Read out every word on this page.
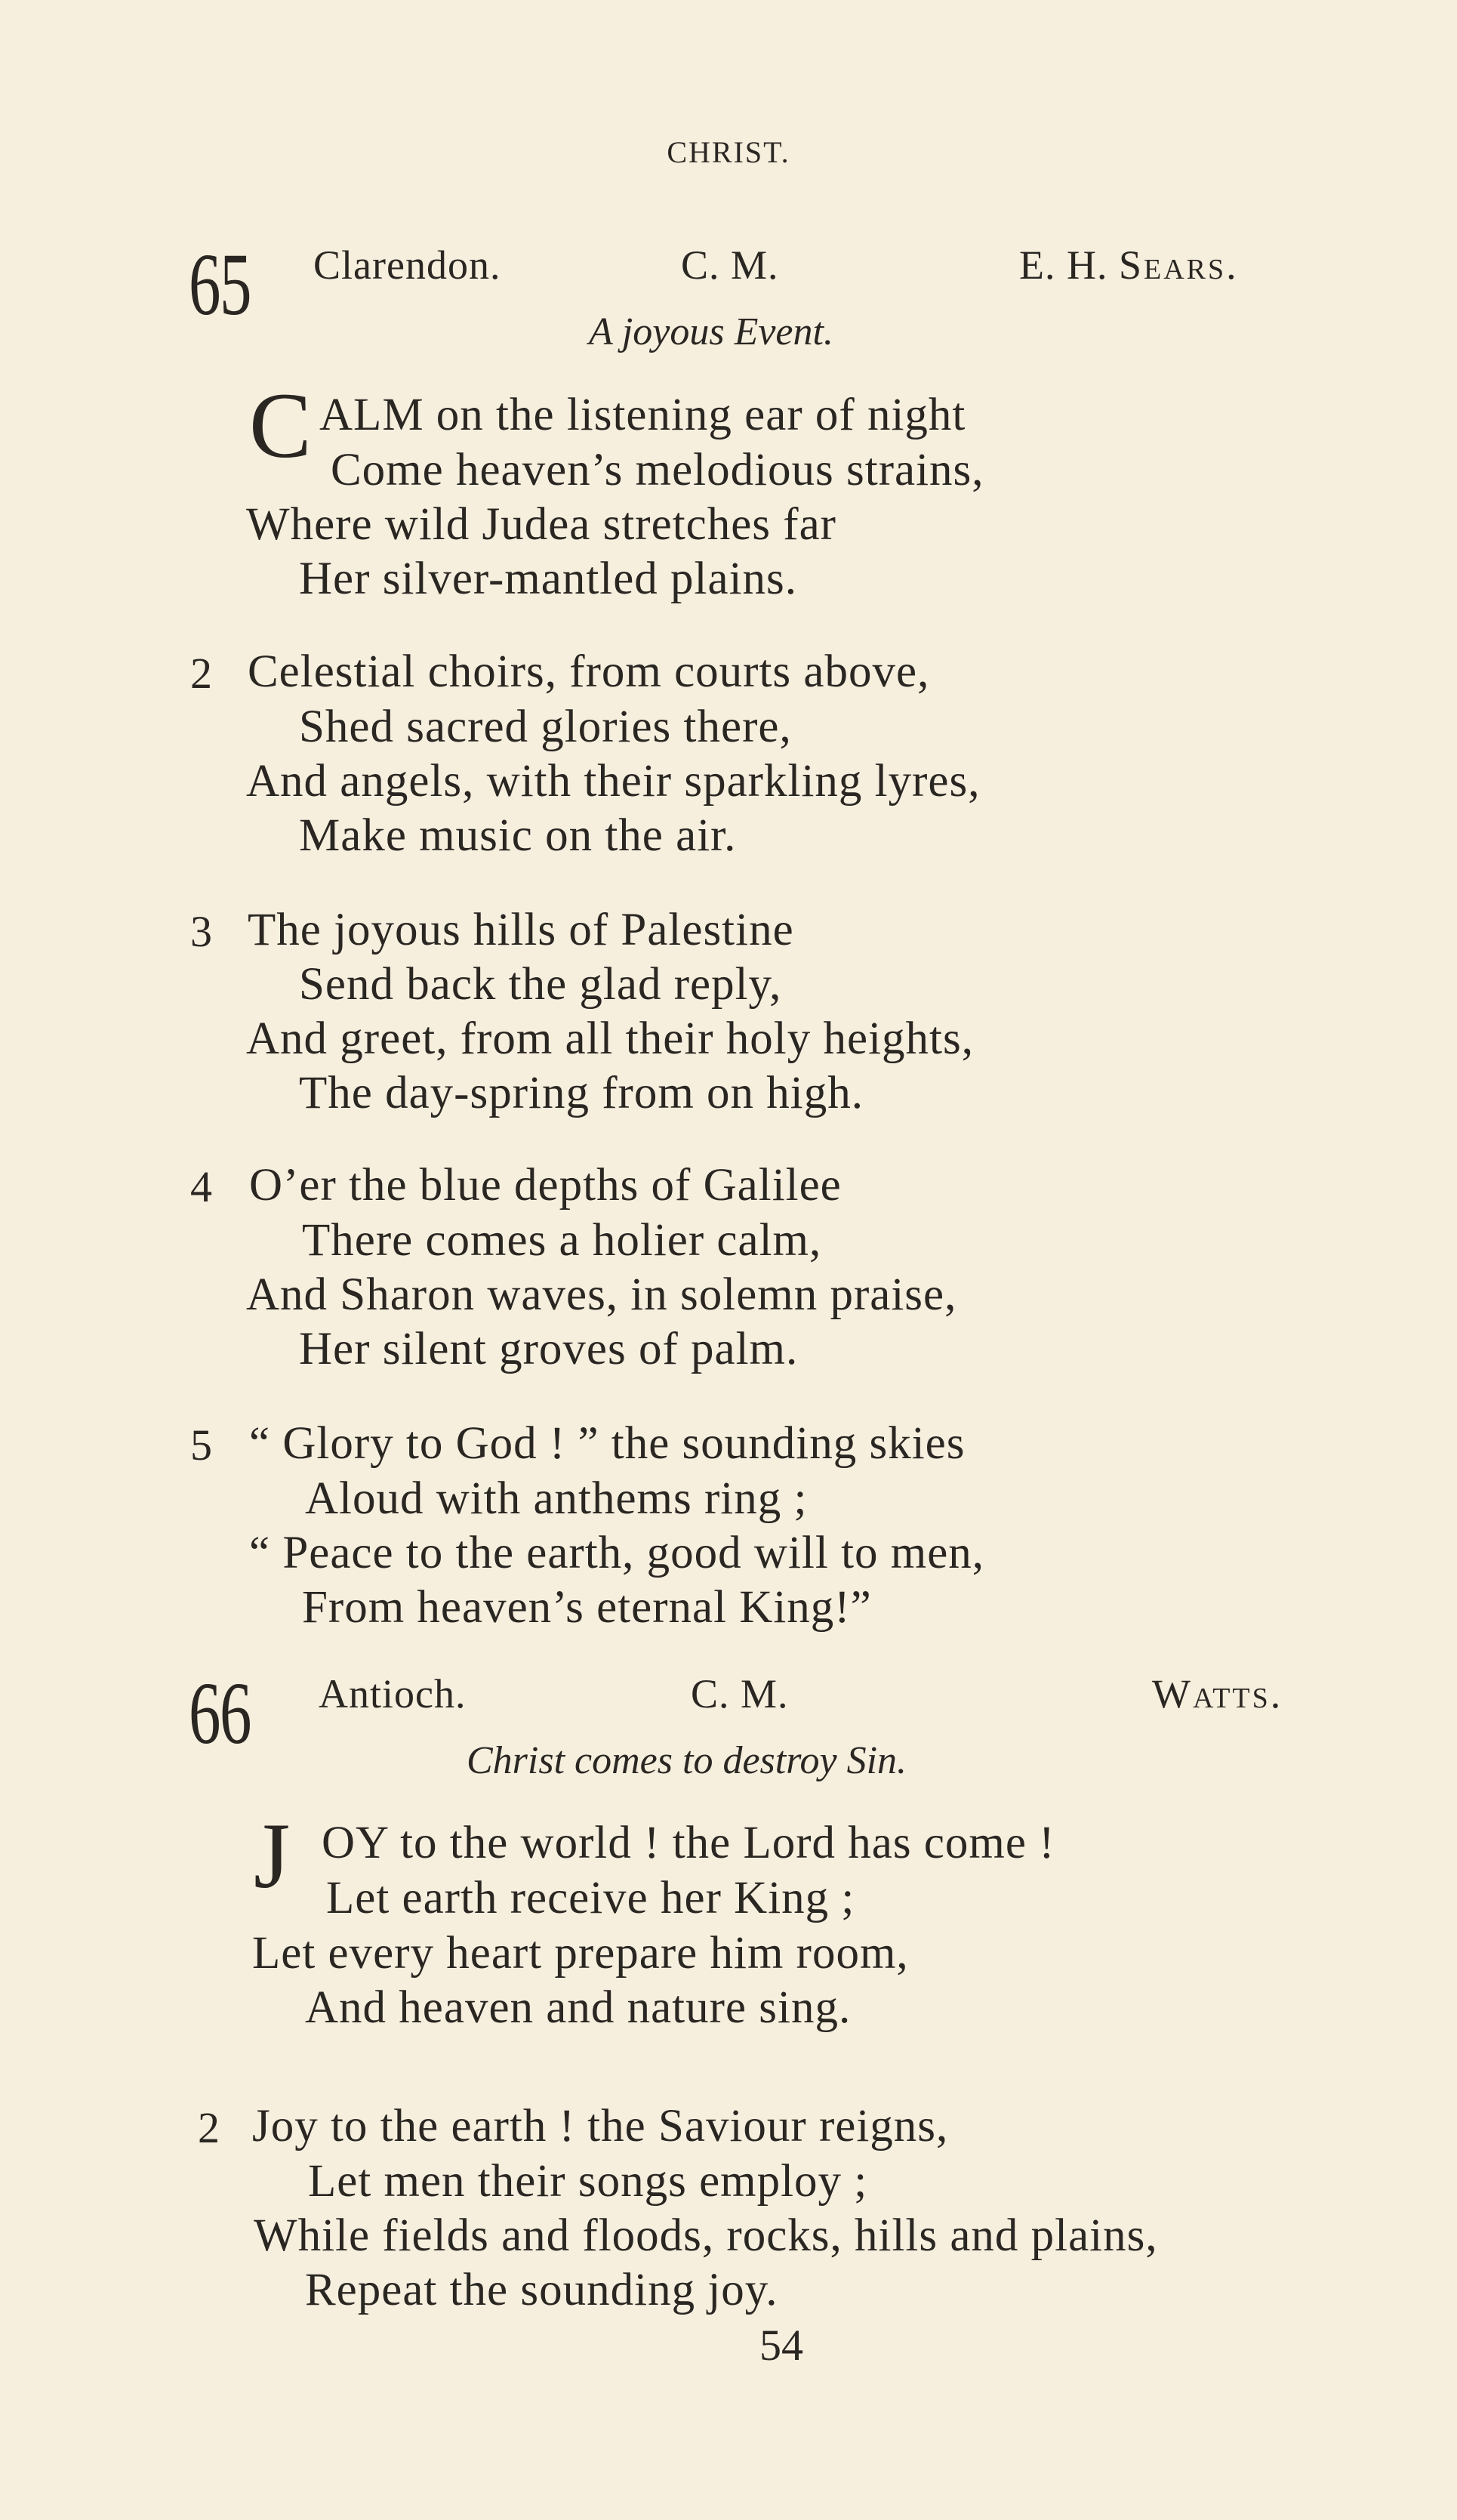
CHRIST.
65 Clarendon.	C. M.	E. H. Sears.
A joyous Event.
C ALM on the listening ear of night
Come heaven’s melodious strains,
Where wild Judea stretches far
Her silver-mantled plains.
2 Celestial choirs, from courts above,
Shed sacred glories there,
And angels, with their sparkling lyres,
Make music on the air.
3 The joyous hills of Palestine
Send back the glad reply,
And greet, from all their holy heights,
The day-spring from on high.
4 O’er the blue depths of Galilee
There comes a holier calm,
And Sharon waves, in solemn praise,
Her silent groves of palm.
5 “ Glory to God ! ” the sounding skies
Aloud with anthems ring ;
“ Peace to the earth, good will to men,
From heaven’s eternal King!”
66 Antioch.	C. M.	Watts.
Christ comes to destroy Sin.
J OY to the world ! the Lord has come !
Let earth receive her King ;
Let every heart prepare him room,
And heaven and nature sing.
2 Joy to the earth ! the Saviour reigns,
Let men their songs employ ;
While fields and floods, rocks, hills and plains,
Repeat the sounding joy.
54
